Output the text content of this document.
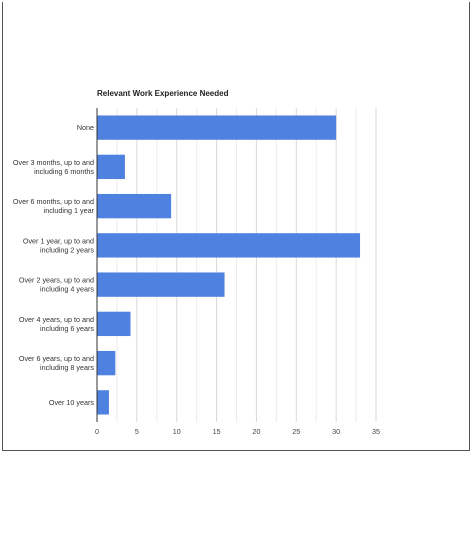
Relevant Work Experience Needed
None
Over 3 months, up to and
including 6 months
Over 6 months, up to and
including 1 year
Over 1 year, up to and
including 2 years
Over 2 years, up to and
including 4 years
Over 4 years, up to and
including 6 years
Over 6 years, up to and
including 8 years
Over 10 years
0	5	10	15	20	25	30	35
